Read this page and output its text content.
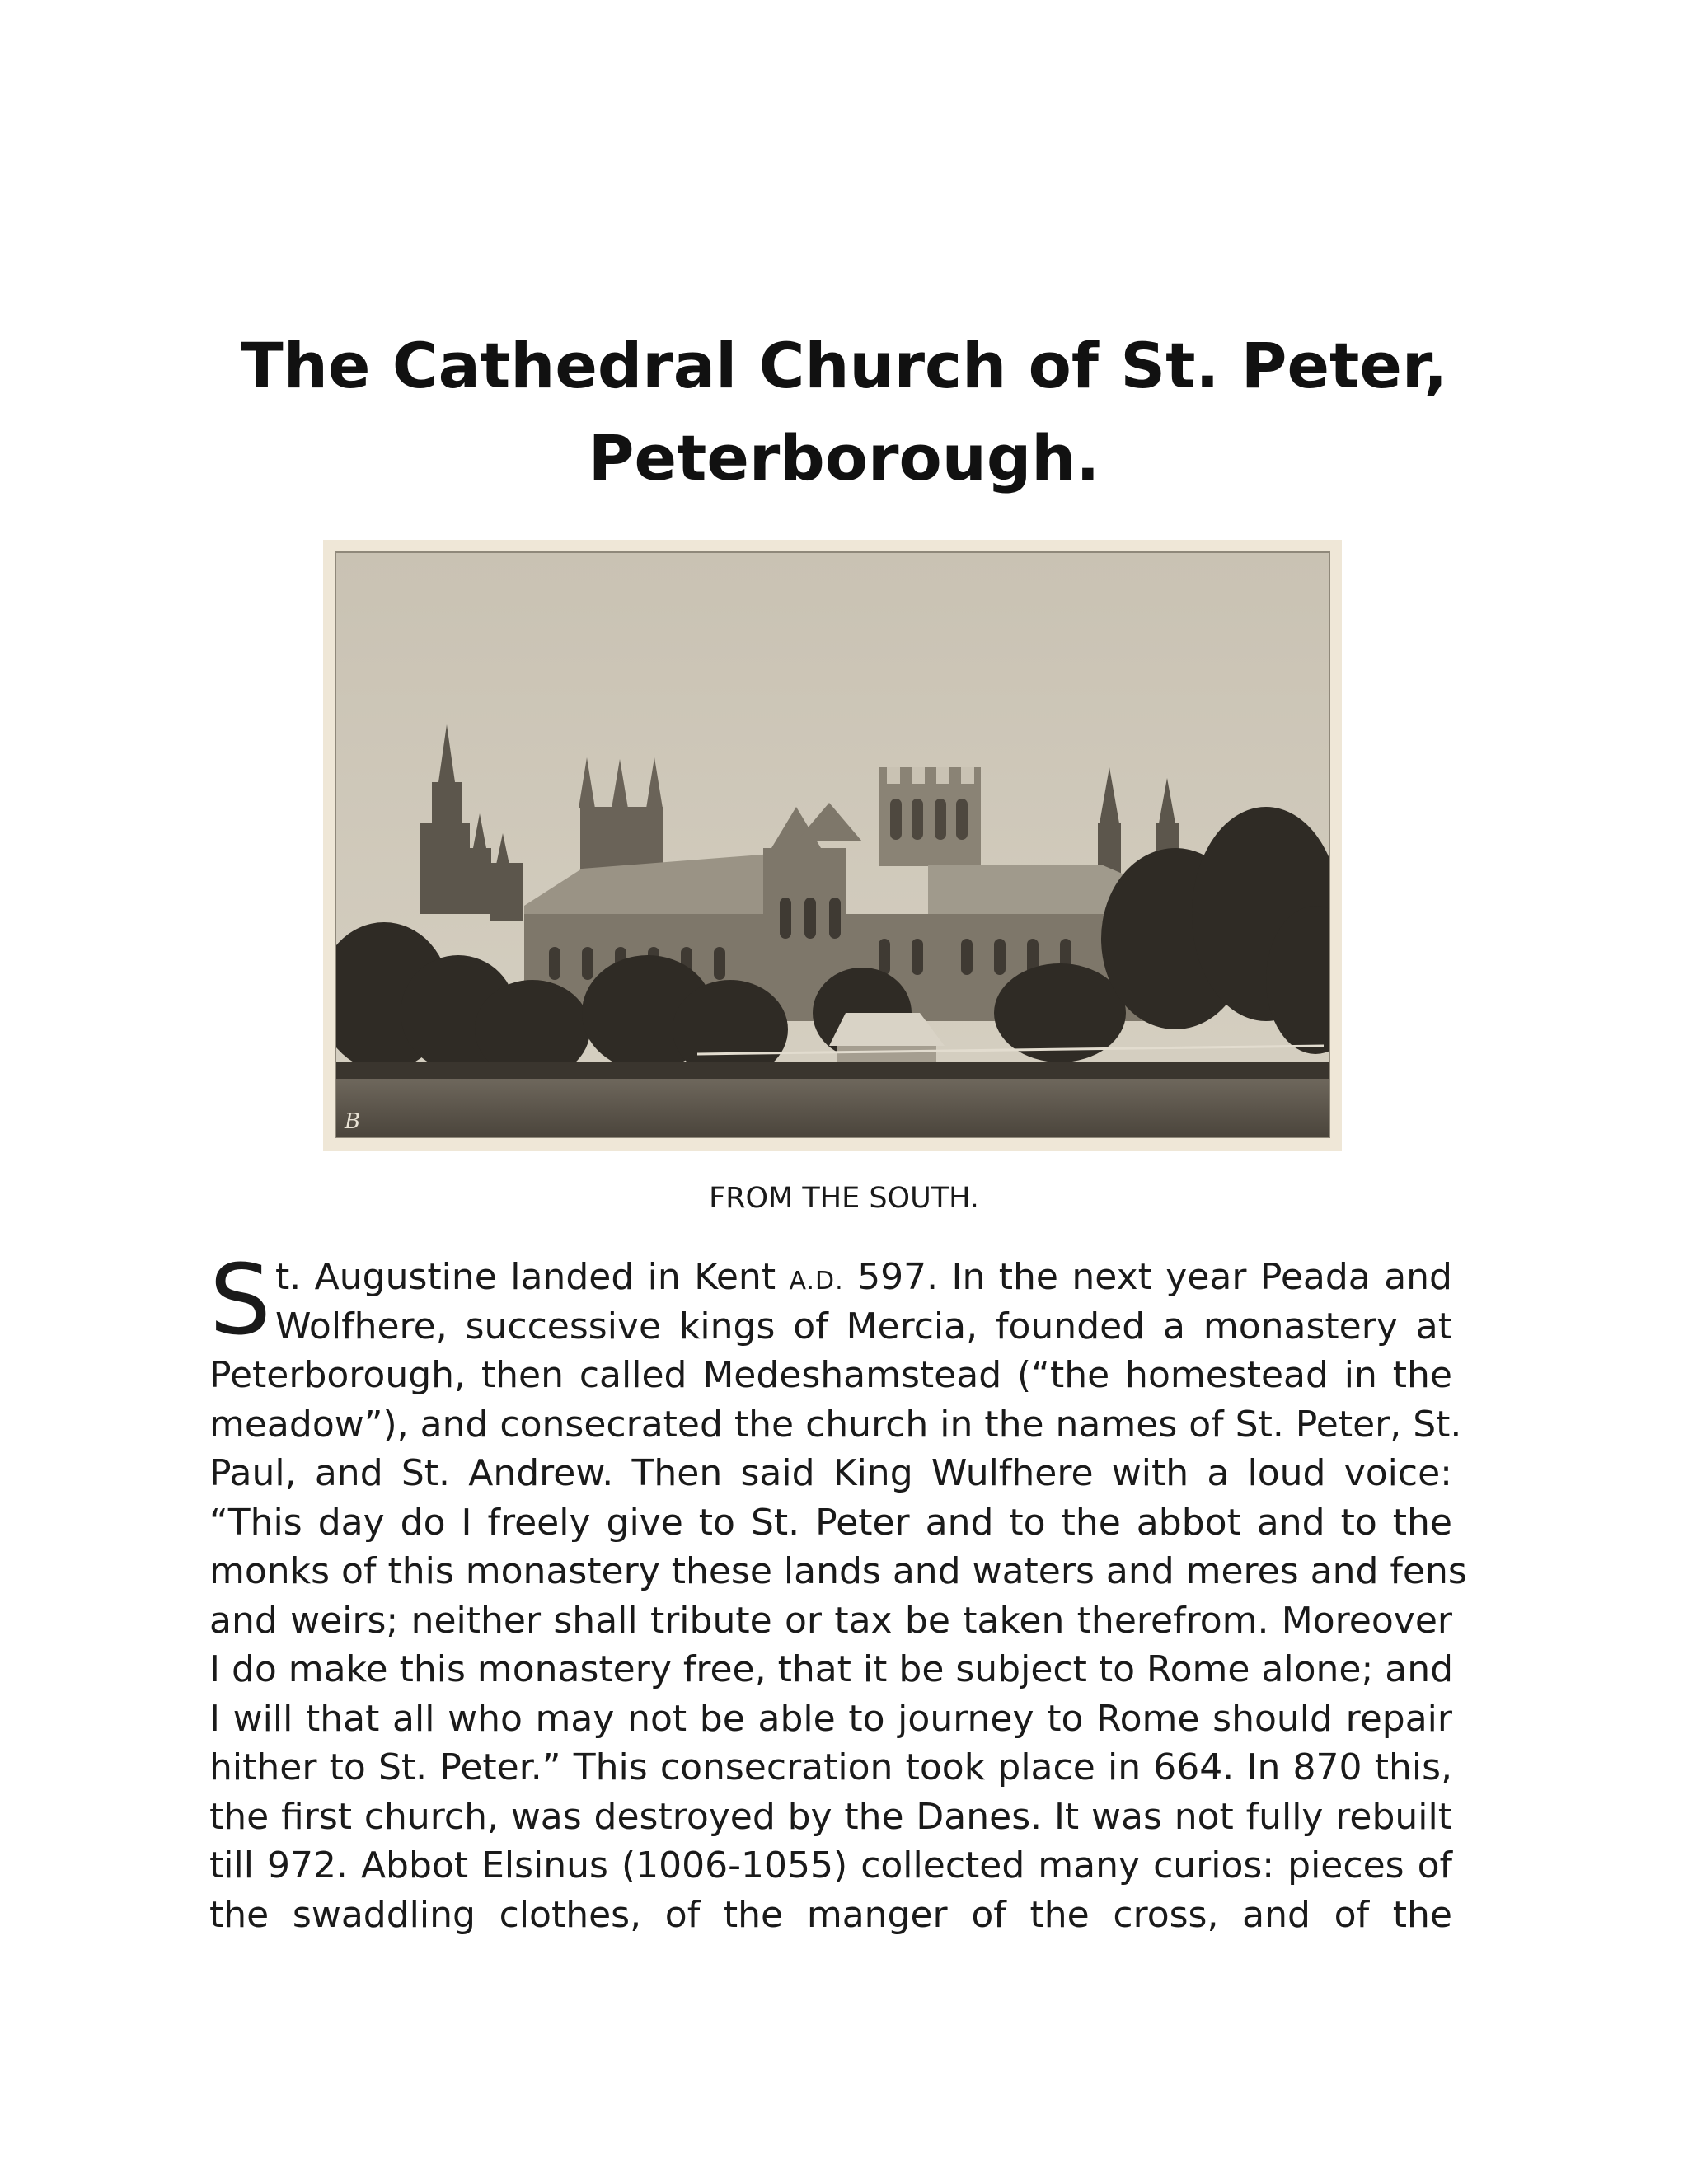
The Cathedral Church of St. Peter,
Peterborough.
B
FROM THE SOUTH.
S t. Augustine landed in Kent A.D. 597. In the next year Peada and
Wolfhere, successive kings of Mercia, founded a monastery at
Peterborough, then called Medeshamstead (“the homestead in the
meadow”), and consecrated the church in the names of St. Peter, St.
Paul, and St. Andrew. Then said King Wulfhere with a loud voice:
“This day do I freely give to St. Peter and to the abbot and to the
monks of this monastery these lands and waters and meres and fens
and weirs; neither shall tribute or tax be taken therefrom. Moreover
I do make this monastery free, that it be subject to Rome alone; and
I will that all who may not be able to journey to Rome should repair
hither to St. Peter.” This consecration took place in 664. In 870 this,
the first church, was destroyed by the Danes. It was not fully rebuilt
till 972. Abbot Elsinus (1006-1055) collected many curios: pieces of
the swaddling clothes, of the manger of the cross, and of the
